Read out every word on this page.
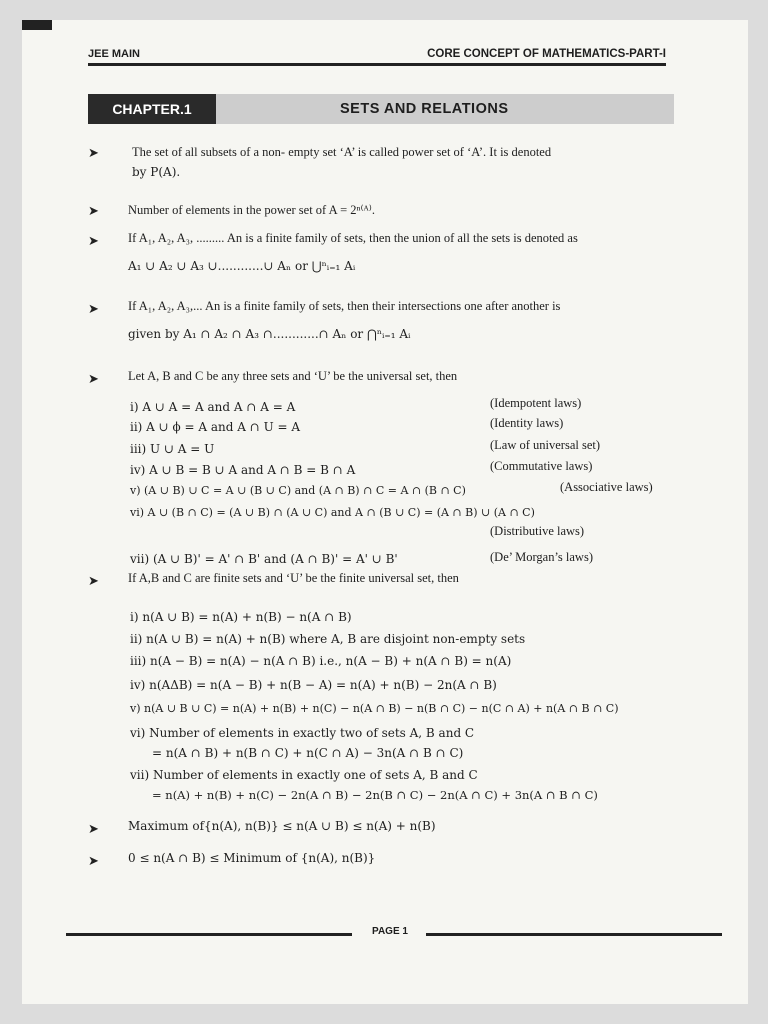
JEE MAIN	CORE CONCEPT OF MATHEMATICS-PART-I
CHAPTER.1	SETS AND RELATIONS
➤	The set of all subsets of a non- empty set ‘A’ is called power set of ‘A’. It is denoted
by P(A).
➤ Number of elements in the power set of A = 2ⁿ⁽ᴬ⁾.
➤ If A₁, A₂, A₃, ......... An is a finite family of sets, then the union of all the sets is denoted as
A₁ ∪ A₂ ∪ A₃ ∪............∪ Aₙ or ⋃ⁿᵢ₌₁ Aᵢ
➤ If A₁, A₂, A₃,... An is a finite family of sets, then their intersections one after another is
given by A₁ ∩ A₂ ∩ A₃ ∩............∩ Aₙ or ⋂ⁿᵢ₌₁ Aᵢ
➤ Let A, B and C be any three sets and ‘U’ be the universal set, then
i) A ∪ A = A and A ∩ A = A	(Idempotent laws)
ii) A ∪ ϕ = A and A ∩ U = A	(Identity laws)
iii) U ∪ A = U	(Law of universal set)
iv) A ∪ B = B ∪ A and A ∩ B = B ∩ A	(Commutative laws)
v) (A ∪ B) ∪ C = A ∪ (B ∪ C) and (A ∩ B) ∩ C = A ∩ (B ∩ C)	(Associative laws)
vi) A ∪ (B ∩ C) = (A ∪ B) ∩ (A ∪ C) and A ∩ (B ∪ C) = (A ∩ B) ∪ (A ∩ C)
(Distributive laws)
vii) (A ∪ B)' = A' ∩ B' and (A ∩ B)' = A' ∪ B'	(De’ Morgan’s laws)
➤ If A,B and C are finite sets and ‘U’ be the finite universal set, then
i) n(A ∪ B) = n(A) + n(B) − n(A ∩ B)
ii) n(A ∪ B) = n(A) + n(B) where A, B are disjoint non-empty sets
iii) n(A − B) = n(A) − n(A ∩ B) i.e., n(A − B) + n(A ∩ B) = n(A)
iv) n(AΔB) = n(A − B) + n(B − A) = n(A) + n(B) − 2n(A ∩ B)
v) n(A ∪ B ∪ C) = n(A) + n(B) + n(C) − n(A ∩ B) − n(B ∩ C) − n(C ∩ A) + n(A ∩ B ∩ C)
vi) Number of elements in exactly two of sets A, B and C
= n(A ∩ B) + n(B ∩ C) + n(C ∩ A) − 3n(A ∩ B ∩ C)
vii) Number of elements in exactly one of sets A, B and C
= n(A) + n(B) + n(C) − 2n(A ∩ B) − 2n(B ∩ C) − 2n(A ∩ C) + 3n(A ∩ B ∩ C)
➤ Maximum of{n(A), n(B)} ≤ n(A ∪ B) ≤ n(A) + n(B)
➤ 0 ≤ n(A ∩ B) ≤ Minimum of {n(A), n(B)}
PAGE 1
